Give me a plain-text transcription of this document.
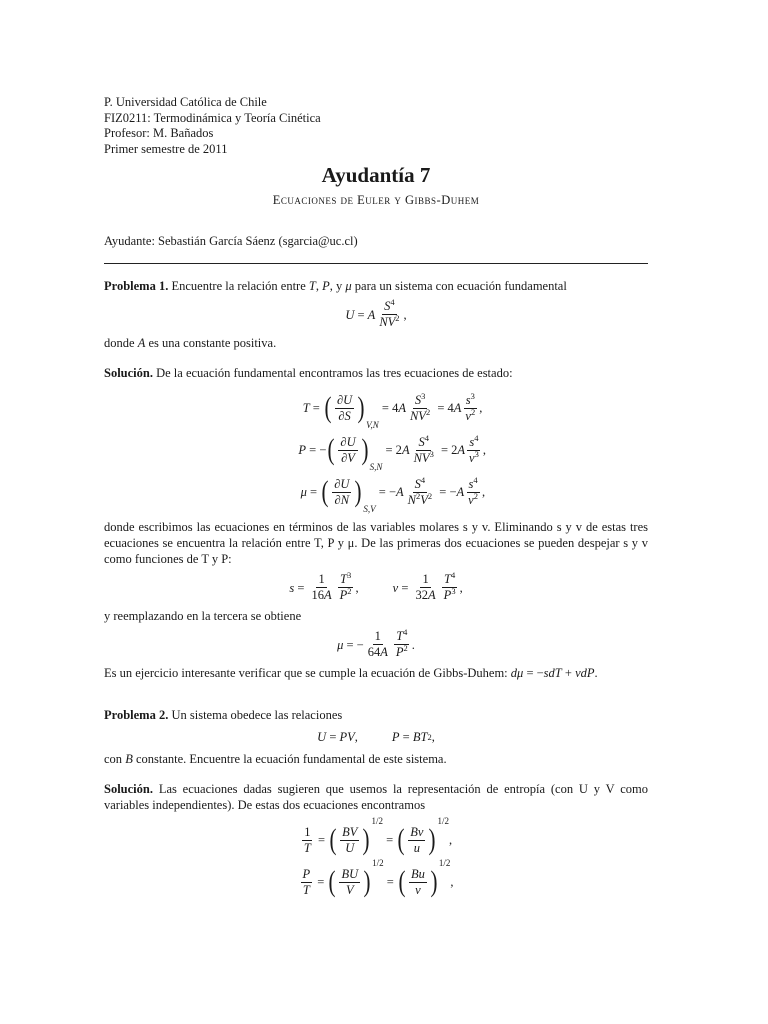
P. Universidad Católica de Chile
FIZ0211: Termodinámica y Teoría Cinética
Profesor: M. Bañados
Primer semestre de 2011
Ayudantía 7
Ecuaciones de Euler y Gibbs-Duhem
Ayudante: Sebastián García Sáenz (sgarcia@uc.cl)

Problema 1. Encuentre la relación entre T, P, y μ para un sistema con ecuación fundamental

U = A $\frac{S^4}{NV^2}$ ,

donde A es una constante positiva.

Solución. De la ecuación fundamental encontramos las tres ecuaciones de estado:

T = ( $\frac{\partial U}{\partial S}$ )
V,N
= 4 A $\frac{S^3}{NV^2} = 4$ A $\frac{s^3}{v^2}$ ,
P = − ( $\frac{\partial U}{\partial V}$ )
S,N
= 2 A $\frac{S^4}{NV^3} = 2$ A $\frac{s^4}{v^3}$ ,
μ = ( $\frac{\partial U}{\partial N}$ )
S,V
= − A $\frac{S^4}{N^2V^2}$ = − A $\frac{s^4}{v^2}$ ,

donde escribimos las ecuaciones en términos de las variables molares s y v. Eliminando s y v de estas tres ecuaciones se encuentra la relación entre T, P y μ. De las primeras dos ecuaciones se pueden despejar s y v como funciones de T y P:

$s = \frac{1}{16A} \frac{T^3}{P^2}$ ,	$v = \frac{1}{32A} \frac{T^4}{P^3}$ ,

y reemplazando en la tercera se obtiene

μ = − $\frac{1}{64A} \frac{T^4}{P^2}$ .

Es un ejercicio interesante verificar que se cumple la ecuación de Gibbs-Duhem: dμ = −sdT + vdP.

Problema 2. Un sistema obedece las relaciones

U = PV ,	P = BT 2 ,

con B constante. Encuentre la ecuación fundamental de este sistema.

Solución. Las ecuaciones dadas sugieren que usemos la representación de entropía (con U y V como variables independientes). De estas dos ecuaciones encontramos

$\frac{1}{T}$ = ( $\frac{BV}{U}$ )
1/2
= ( $\frac{Bv}{u}$ )
1/2
,
$\frac{P}{T}$ = ( $\frac{BU}{V}$ )
1/2
= ( $\frac{Bu}{v}$ )
1/2
,
